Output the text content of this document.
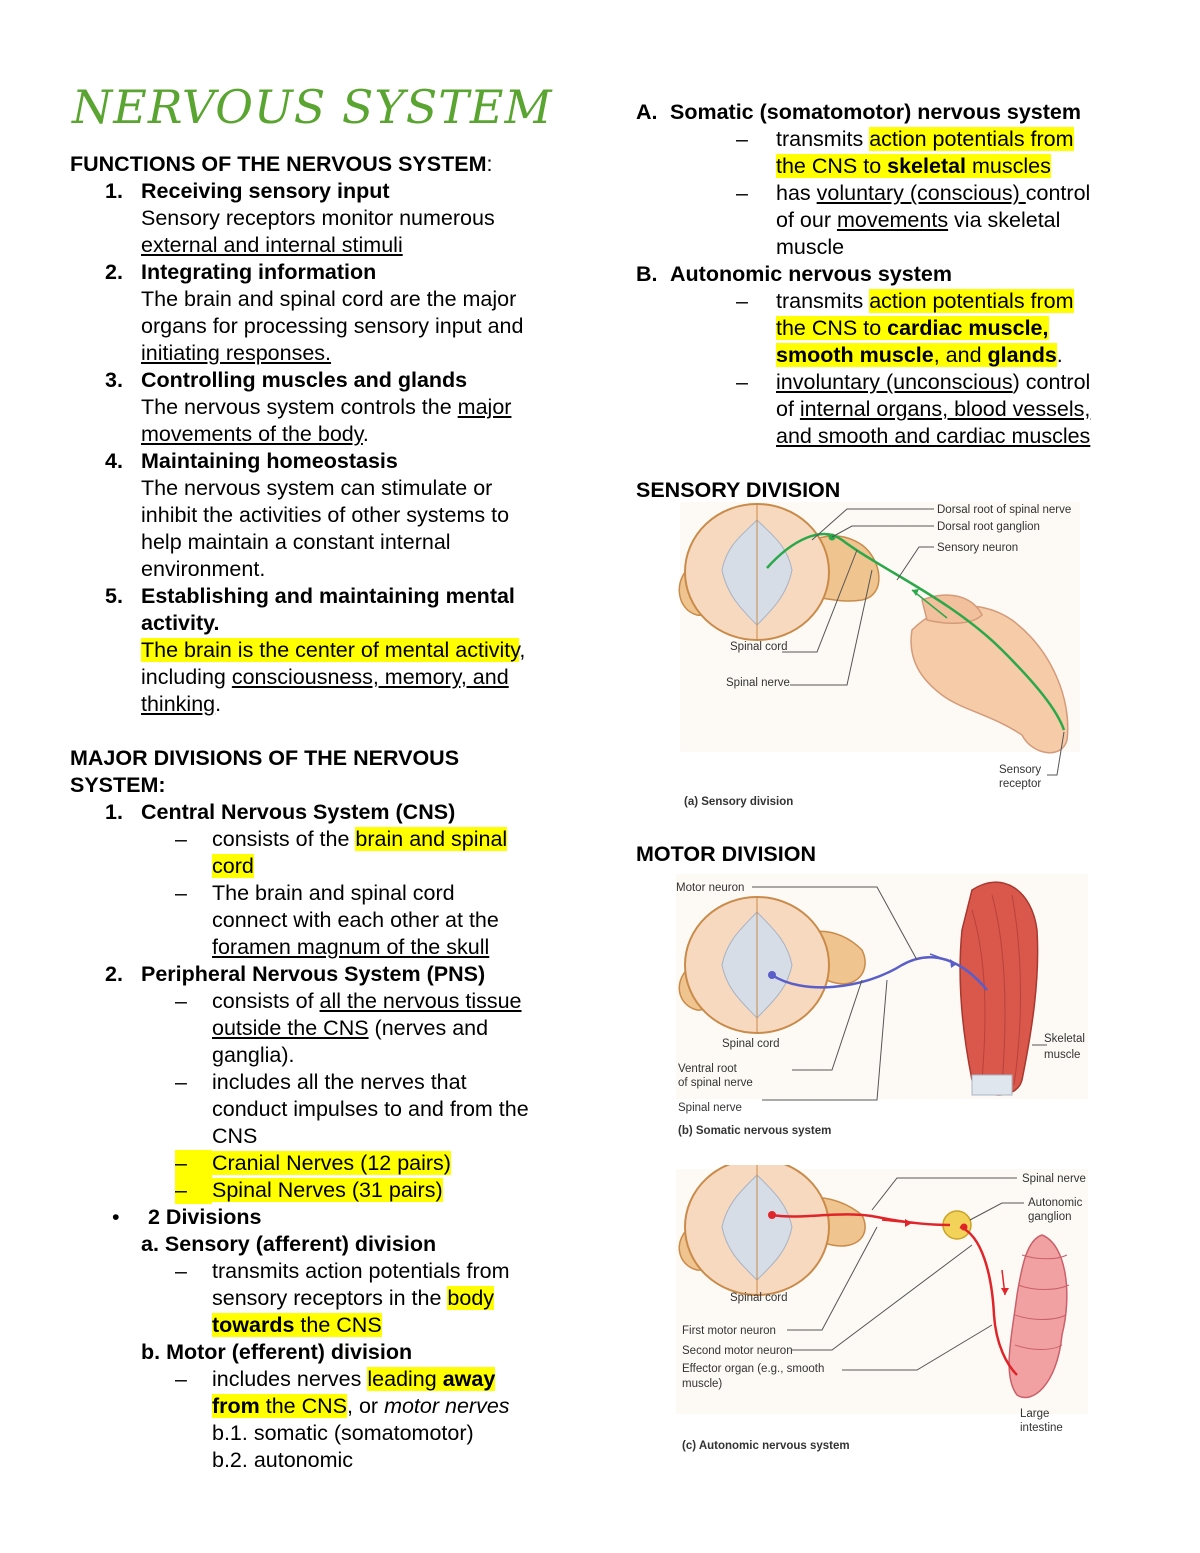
NERVOUS SYSTEM
FUNCTIONS OF THE NERVOUS SYSTEM:
1. Receiving sensory input
Sensory receptors monitor numerous
external and internal stimuli
2. Integrating information
The brain and spinal cord are the major
organs for processing sensory input and
initiating responses.
3. Controlling muscles and glands
The nervous system controls the major
movements of the body.
4. Maintaining homeostasis
The nervous system can stimulate or
inhibit the activities of other systems to
help maintain a constant internal
environment.
5. Establishing and maintaining mental
activity.
The brain is the center of mental activity,
including consciousness, memory, and
thinking.
MAJOR DIVISIONS OF THE NERVOUS
SYSTEM:
1. Central Nervous System (CNS)
– consists of the brain and spinal
cord
– The brain and spinal cord
connect with each other at the
foramen magnum of the skull
2. Peripheral Nervous System (PNS)
– consists of all the nervous tissue
outside the CNS (nerves and
ganglia).
– includes all the nerves that
conduct impulses to and from the
CNS
– Cranial Nerves (12 pairs)
– Spinal Nerves (31 pairs)
• 2 Divisions
a. Sensory (afferent) division
– transmits action potentials from
sensory receptors in the body
towards the CNS
b. Motor (efferent) division
– includes nerves leading away
from the CNS, or motor nerves
b.1. somatic (somatomotor)
b.2. autonomic
A. Somatic (somatomotor) nervous system
– transmits action potentials from
the CNS to skeletal muscles
– has voluntary (conscious) control
of our movements via skeletal
muscle
B. Autonomic nervous system
– transmits action potentials from
the CNS to cardiac muscle,
smooth muscle, and glands.
– involuntary (unconscious) control
of internal organs, blood vessels,
and smooth and cardiac muscles
SENSORY DIVISION
MOTOR DIVISION
Dorsal root of spinal nerve
Dorsal root ganglion
Sensory neuron
Spinal cord
Spinal nerve
Sensory
receptor
(a) Sensory division
Motor neuron
Spinal cord
Ventral root
of spinal nerve
Spinal nerve
Skeletal
muscle
(b) Somatic nervous system
Spinal nerve
Autonomic
ganglion
Spinal cord
First motor neuron
Second motor neuron
Effector organ (e.g., smooth
muscle)
Large
intestine
(c) Autonomic nervous system
